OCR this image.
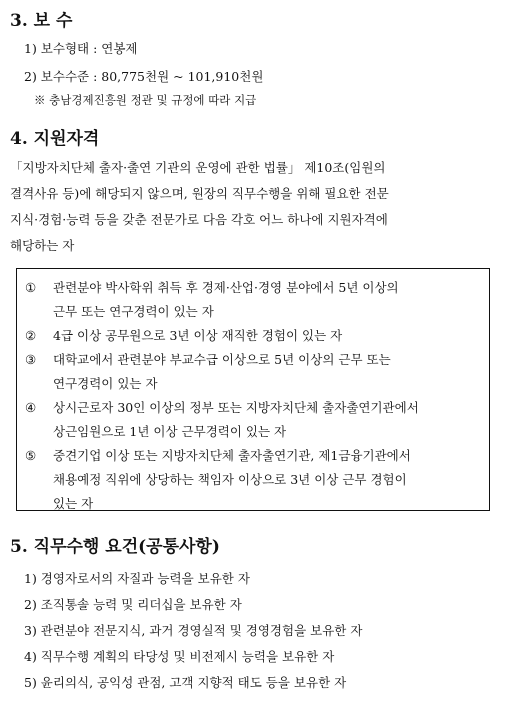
3. 보 수
1) 보수형태 : 연봉제
2) 보수수준 : 80,775천원 ~ 101,910천원
※ 충남경제진흥원 정관 및 규정에 따라 지급
4. 지원자격
「지방자치단체 출자·출연 기관의 운영에 관한 법률」 제10조(임원의
결격사유 등)에 해당되지 않으며, 원장의 직무수행을 위해 필요한 전문
지식·경험·능력 등을 갖춘 전문가로 다음 각호 어느 하나에 지원자격에
해당하는 자
① 관련분야 박사학위 취득 후 경제·산업·경영 분야에서 5년 이상의
근무 또는 연구경력이 있는 자
② 4급 이상 공무원으로 3년 이상 재직한 경험이 있는 자
③ 대학교에서 관련분야 부교수급 이상으로 5년 이상의 근무 또는
연구경력이 있는 자
④ 상시근로자 30인 이상의 정부 또는 지방자치단체 출자출연기관에서
상근임원으로 1년 이상 근무경력이 있는 자
⑤ 중견기업 이상 또는 지방자치단체 출자출연기관, 제1금융기관에서
채용예정 직위에 상당하는 책임자 이상으로 3년 이상 근무 경험이
있는 자
5. 직무수행 요건(공통사항)
1) 경영자로서의 자질과 능력을 보유한 자
2) 조직통솔 능력 및 리더십을 보유한 자
3) 관련분야 전문지식, 과거 경영실적 및 경영경험을 보유한 자
4) 직무수행 계획의 타당성 및 비전제시 능력을 보유한 자
5) 윤리의식, 공익성 관점, 고객 지향적 태도 등을 보유한 자
